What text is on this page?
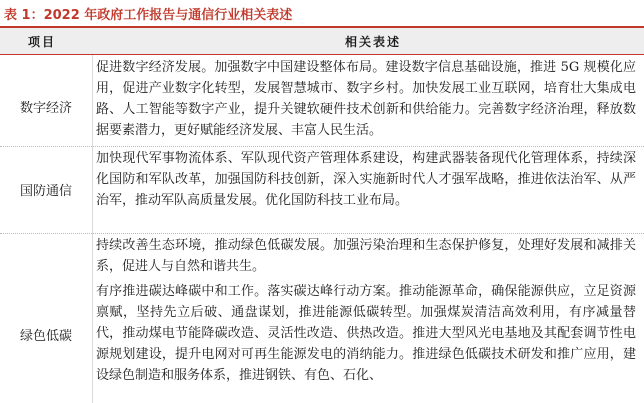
表 1：2022 年政府工作报告与通信行业相关表述
项目	相关表述
数字经济
促进数字经济发展。加强数字中国建设整体布局。建设数字信息基础设施，推进 5G 规模化应用，促进产业数字化转型，发展智慧城市、数字乡村。加快发展工业互联网，培育壮大集成电路、人工智能等数字产业，提升关键软硬件技术创新和供给能力。完善数字经济治理，释放数据要素潜力，更好赋能经济发展、丰富人民生活。
国防通信
加快现代军事物流体系、军队现代资产管理体系建设，构建武器装备现代化管理体系，持续深化国防和军队改革，加强国防科技创新，深入实施新时代人才强军战略，推进依法治军、从严治军，推动军队高质量发展。优化国防科技工业布局。
绿色低碳
持续改善生态环境，推动绿色低碳发展。加强污染治理和生态保护修复，处理好发展和减排关系，促进人与自然和谐共生。
有序推进碳达峰碳中和工作。落实碳达峰行动方案。推动能源革命，确保能源供应，立足资源禀赋，坚持先立后破、通盘谋划，推进能源低碳转型。加强煤炭清洁高效利用，有序减量替代，推动煤电节能降碳改造、灵活性改造、供热改造。推进大型风光电基地及其配套调节性电源规划建设，提升电网对可再生能源发电的消纳能力。推进绿色低碳技术研发和推广应用，建设绿色制造和服务体系，推进钢铁、有色、石化、
